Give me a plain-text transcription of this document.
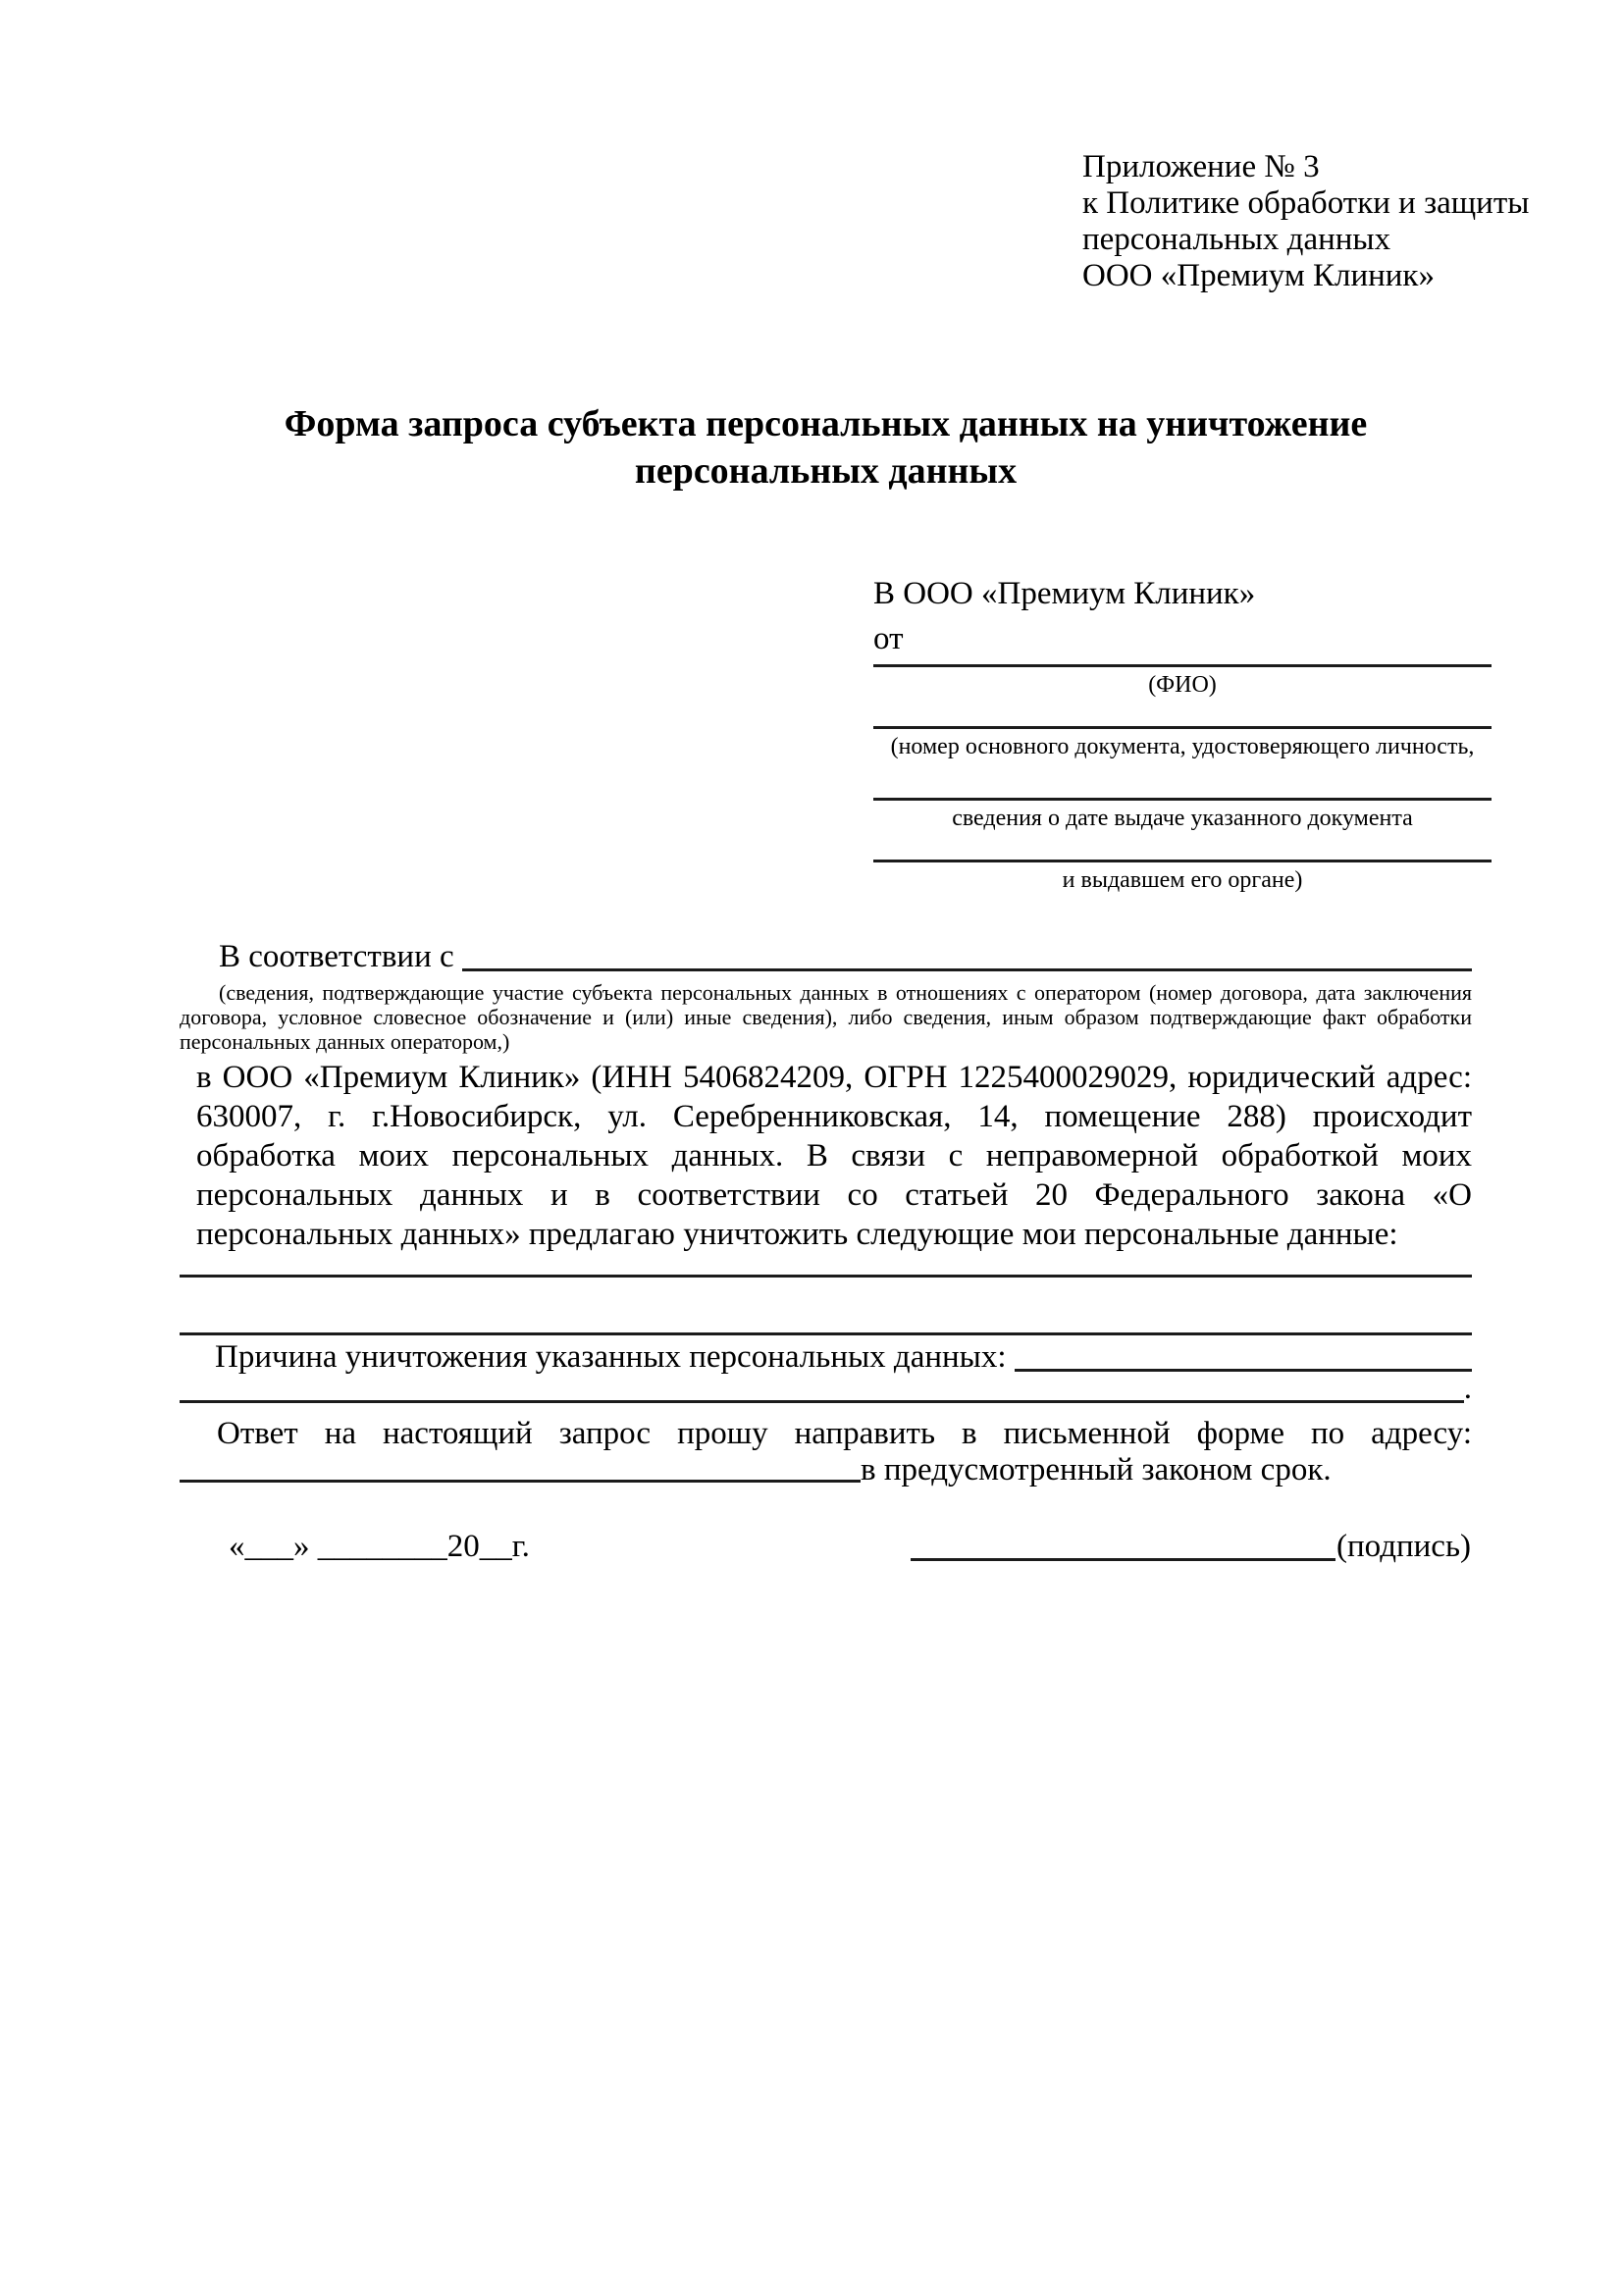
Приложение № 3
к Политике обработки и защиты
персональных данных
ООО «Премиум Клиник»
Форма запроса субъекта персональных данных на уничтожение
персональных данных
В ООО «Премиум Клиник»
от
(ФИО)
(номер основного документа, удостоверяющего личность,
сведения о дате выдаче указанного документа
и выдавшем его органе)
В соответствии с

(сведения, подтверждающие участие субъекта персональных данных в отношениях с оператором (номер договора, дата заключения договора, условное словесное обозначение и (или) иные сведения), либо сведения, иным образом подтверждающие факт обработки персональных данных оператором,)
в ООО «Премиум Клиник» (ИНН 5406824209, ОГРН 1225400029029, юридический адрес: 630007, г. г.Новосибирск, ул. Серебренниковская, 14, помещение 288) происходит обработка моих персональных данных. В связи с неправомерной обработкой моих персональных данных и в соответствии со статьей 20 Федерального закона «О персональных данных» предлагаю уничтожить следующие мои персональные данные:
Причина уничтожения указанных персональных данных:

.
Ответ на настоящий запрос прошу направить в письменной форме по адресу:
в предусмотренный законом срок.
«___» ________20__г.	(подпись)
